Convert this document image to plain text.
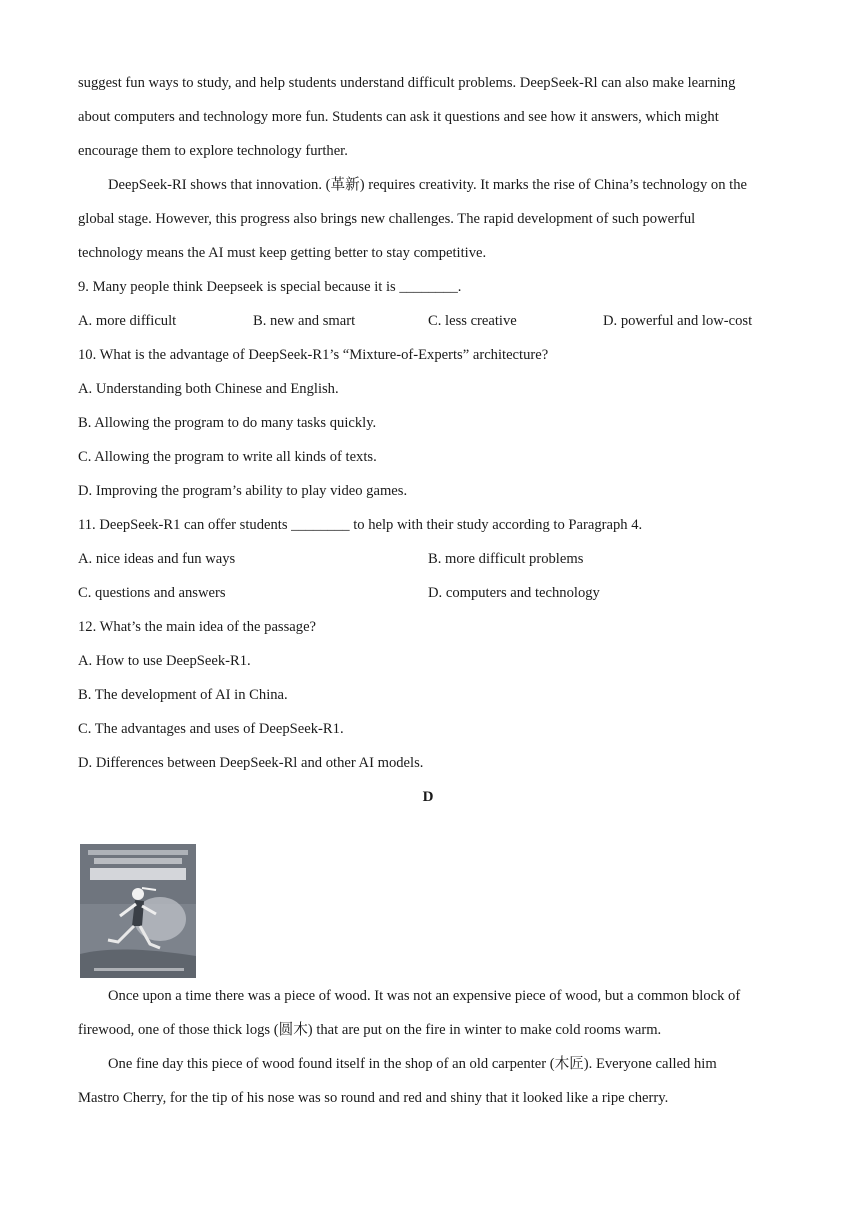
suggest fun ways to study, and help students understand difficult problems. DeepSeek-Rl can also make learning
about computers and technology more fun. Students can ask it questions and see how it answers, which might
encourage them to explore technology further.
DeepSeek-RI shows that innovation. (革新) requires creativity. It marks the rise of China’s technology on the
global stage. However, this progress also brings new challenges. The rapid development of such powerful
technology means the AI must keep getting better to stay competitive.
9. Many people think Deepseek is special because it is ________.
A. more difficult	B. new and smart	C. less creative	D. powerful and low-cost
10. What is the advantage of DeepSeek-R1’s “Mixture-of-Experts” architecture?
A. Understanding both Chinese and English.
B. Allowing the program to do many tasks quickly.
C. Allowing the program to write all kinds of texts.
D. Improving the program’s ability to play video games.
11. DeepSeek-R1 can offer students ________ to help with their study according to Paragraph 4.
A. nice ideas and fun ways	B. more difficult problems
C. questions and answers	D. computers and technology
12. What’s the main idea of the passage?
A. How to use DeepSeek-R1.
B. The development of AI in China.
C. The advantages and uses of DeepSeek-R1.
D. Differences between DeepSeek-Rl and other AI models.
D
Once upon a time there was a piece of wood. It was not an expensive piece of wood, but a common block of
firewood, one of those thick logs (圆木) that are put on the fire in winter to make cold rooms warm.
One fine day this piece of wood found itself in the shop of an old carpenter (木匠). Everyone called him
Mastro Cherry, for the tip of his nose was so round and red and shiny that it looked like a ripe cherry.
